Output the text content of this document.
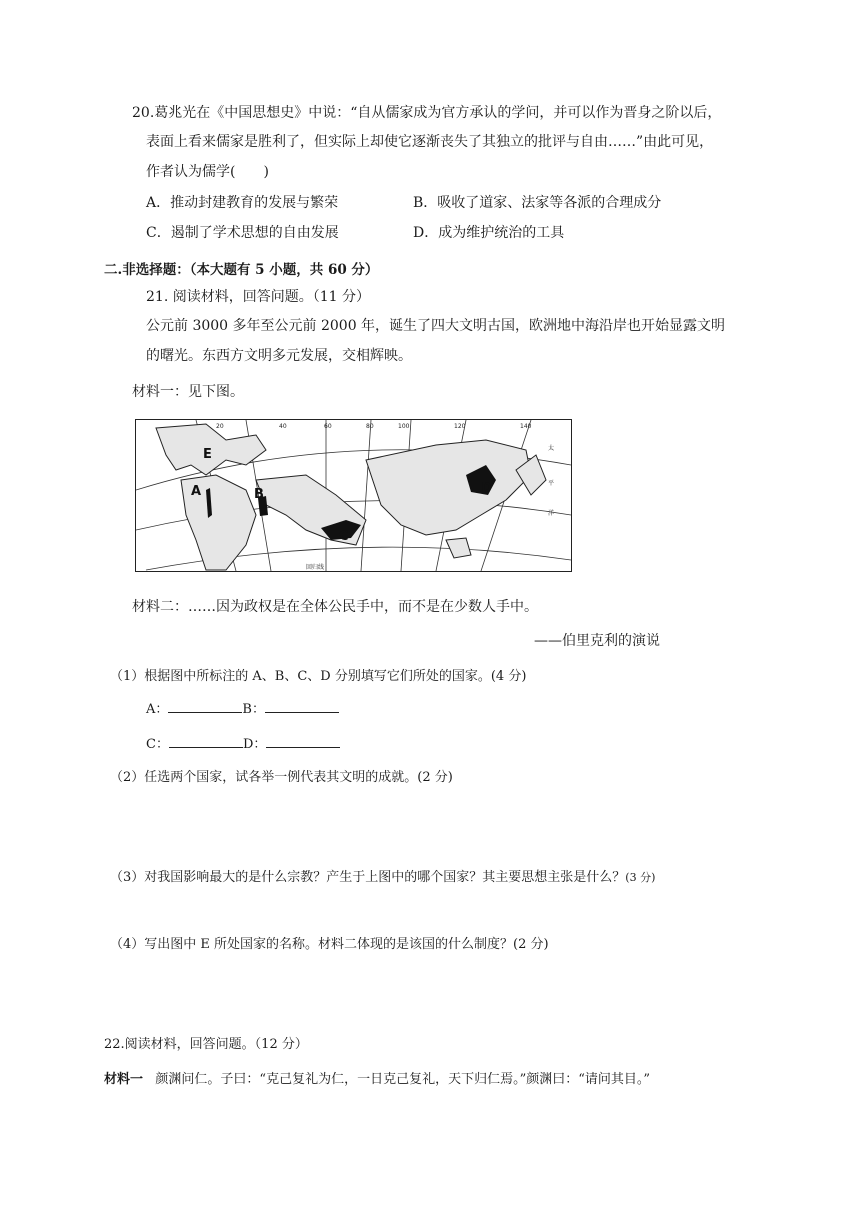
20.葛兆光在《中国思想史》中说：“自从儒家成为官方承认的学问，并可以作为晋身之阶以后，
表面上看来儒家是胜利了，但实际上却使它逐渐丧失了其独立的批评与自由……”由此可见，
作者认为儒学(　　)
A．推动封建教育的发展与繁荣	B．吸收了道家、法家等各派的合理成分
C．遏制了学术思想的自由发展	D．成为维护统治的工具
二.非选择题：（本大题有 5 小题，共 60 分）
21. 阅读材料，回答问题。（11 分）
公元前 3000 多年至公元前 2000 年，诞生了四大文明古国，欧洲地中海沿岸也开始显露文明
的曙光。东西方文明多元发展，交相辉映。
材料一：见下图。
20	40	60	80	100	120	140
回归线
太
平
洋
A	B
C
D
E
材料二：……因为政权是在全体公民手中，而不是在少数人手中。
——伯里克利的演说
（1）根据图中所标注的 A、B、C、D 分别填写它们所处的国家。(4 分)
A：	B：
C：	D：
（2）任选两个国家，试各举一例代表其文明的成就。(2 分)
（3）对我国影响最大的是什么宗教？产生于上图中的哪个国家？其主要思想主张是什么？(3 分)
（4）写出图中 E 所处国家的名称。材料二体现的是该国的什么制度？(2 分)
22.阅读材料，回答问题。（12 分）
材料一 颜渊问仁。子曰：“克己复礼为仁，一日克己复礼，天下归仁焉。”颜渊曰：“请问其目。”
